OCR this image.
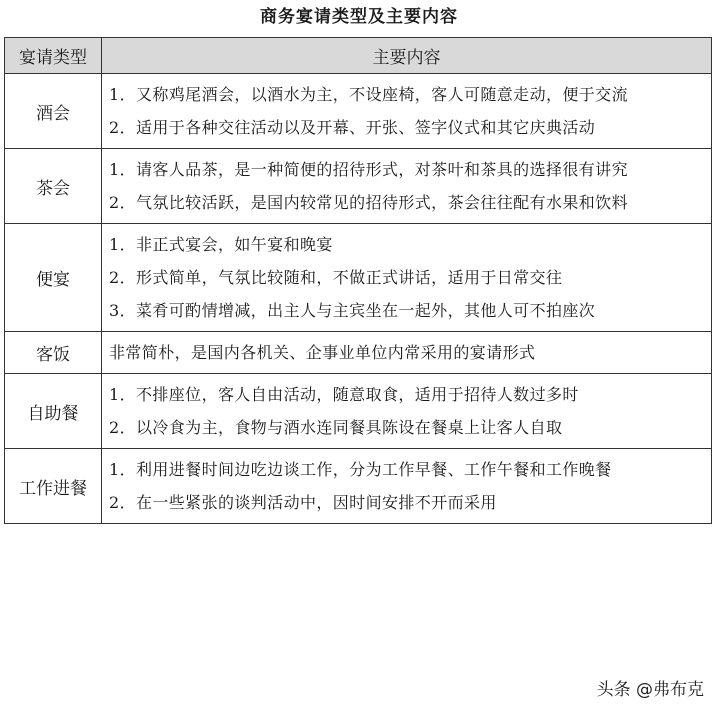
商务宴请类型及主要内容
宴请类型	主要内容
酒会	1．又称鸡尾酒会，以酒水为主，不设座椅，客人可随意走动，便于交流
2．适用于各种交往活动以及开幕、开张、签字仪式和其它庆典活动

茶会	1．请客人品茶，是一种简便的招待形式，对茶叶和茶具的选择很有讲究
2．气氛比较活跃，是国内较常见的招待形式，茶会往往配有水果和饮料

便宴	1．非正式宴会，如午宴和晚宴
2．形式简单，气氛比较随和，不做正式讲话，适用于日常交往
3．菜肴可酌情增减，出主人与主宾坐在一起外，其他人可不拍座次

客饭	非常简朴，是国内各机关、企事业单位内常采用的宴请形式

自助餐	1．不排座位，客人自由活动，随意取食，适用于招待人数过多时
2．以冷食为主，食物与酒水连同餐具陈设在餐桌上让客人自取

工作进餐	1．利用进餐时间边吃边谈工作，分为工作早餐、工作午餐和工作晚餐
2．在一些紧张的谈判活动中，因时间安排不开而采用
头条 @弗布克
